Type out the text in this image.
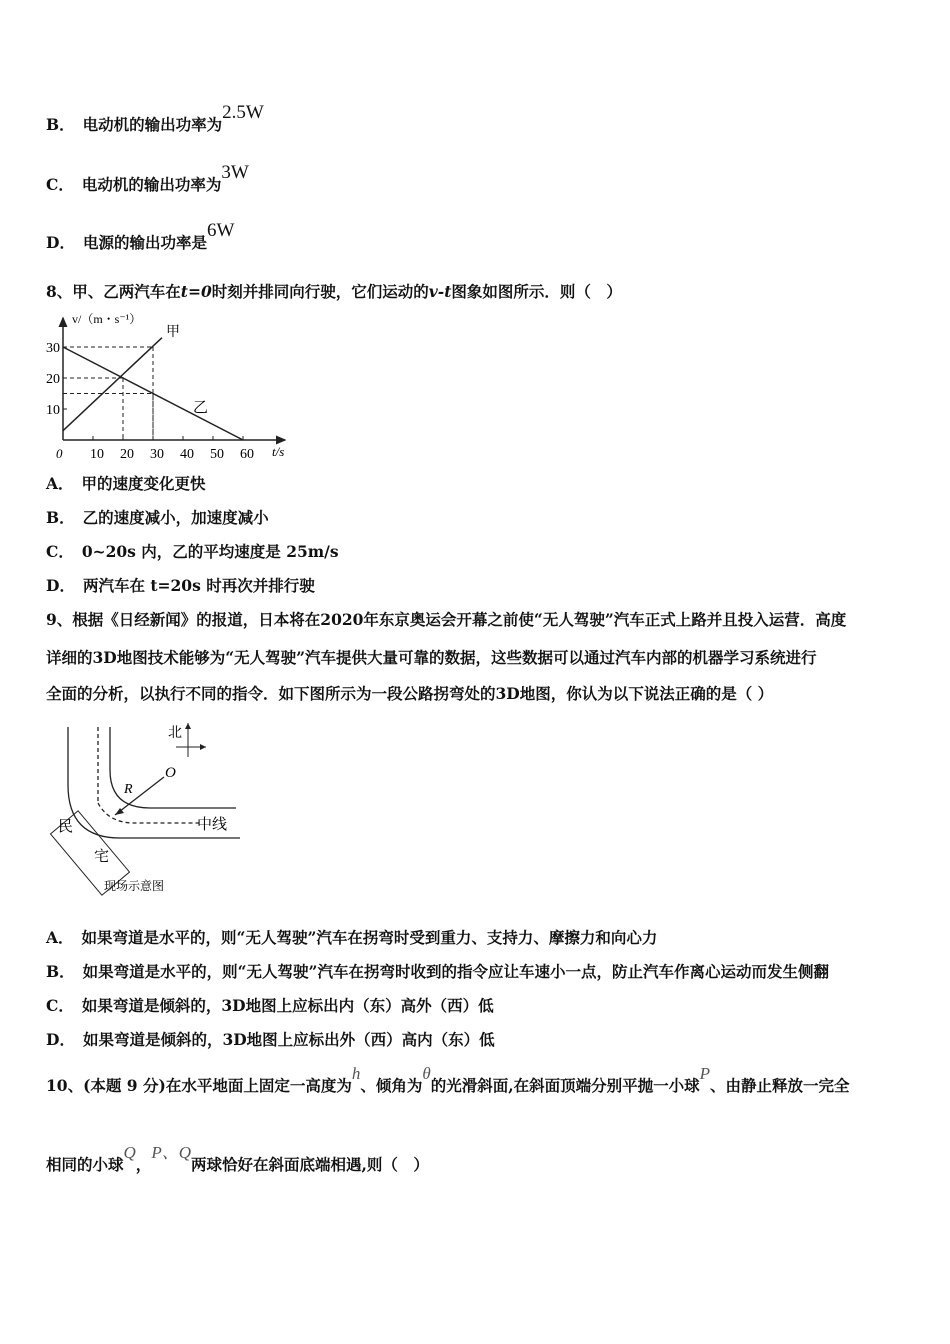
B． 电动机的输出功率为2.5W
C． 电动机的输出功率为3W
D． 电源的输出功率是6W
8、甲、乙两汽车在t=0时刻并排同向行驶，它们运动的v-t图象如图所示．则（　）
v/（m・s⁻¹）
t/s
0 10 20 30 40 50 60
10
20
30
甲
乙
A． 甲的速度变化更快
B． 乙的速度减小，加速度减小
C． 0~20s 内，乙的平均速度是 25m/s
D． 两汽车在 t=20s 时再次并排行驶
9、根据《日经新闻》的报道，日本将在2020年东京奥运会开幕之前使“无人驾驶”汽车正式上路并且投入运营．高度
详细的3D地图技术能够为“无人驾驶”汽车提供大量可靠的数据，这些数据可以通过汽车内部的机器学习系统进行
全面的分析，以执行不同的指令．如下图所示为一段公路拐弯处的3D地图，你认为以下说法正确的是（ ）
北
O
R
中线
民
宅
现场示意图
A． 如果弯道是水平的，则“无人驾驶”汽车在拐弯时受到重力、支持力、摩擦力和向心力
B． 如果弯道是水平的，则“无人驾驶”汽车在拐弯时收到的指令应让车速小一点，防止汽车作离心运动而发生侧翻
C． 如果弯道是倾斜的，3D地图上应标出内（东）高外（西）低
D． 如果弯道是倾斜的，3D地图上应标出外（西）高内（东）低
10、(本题 9 分)在水平地面上固定一高度为h、倾角为θ的光滑斜面,在斜面顶端分别平抛一小球P、由静止释放一完全
相同的小球Q，P、Q两球恰好在斜面底端相遇,则（　）
